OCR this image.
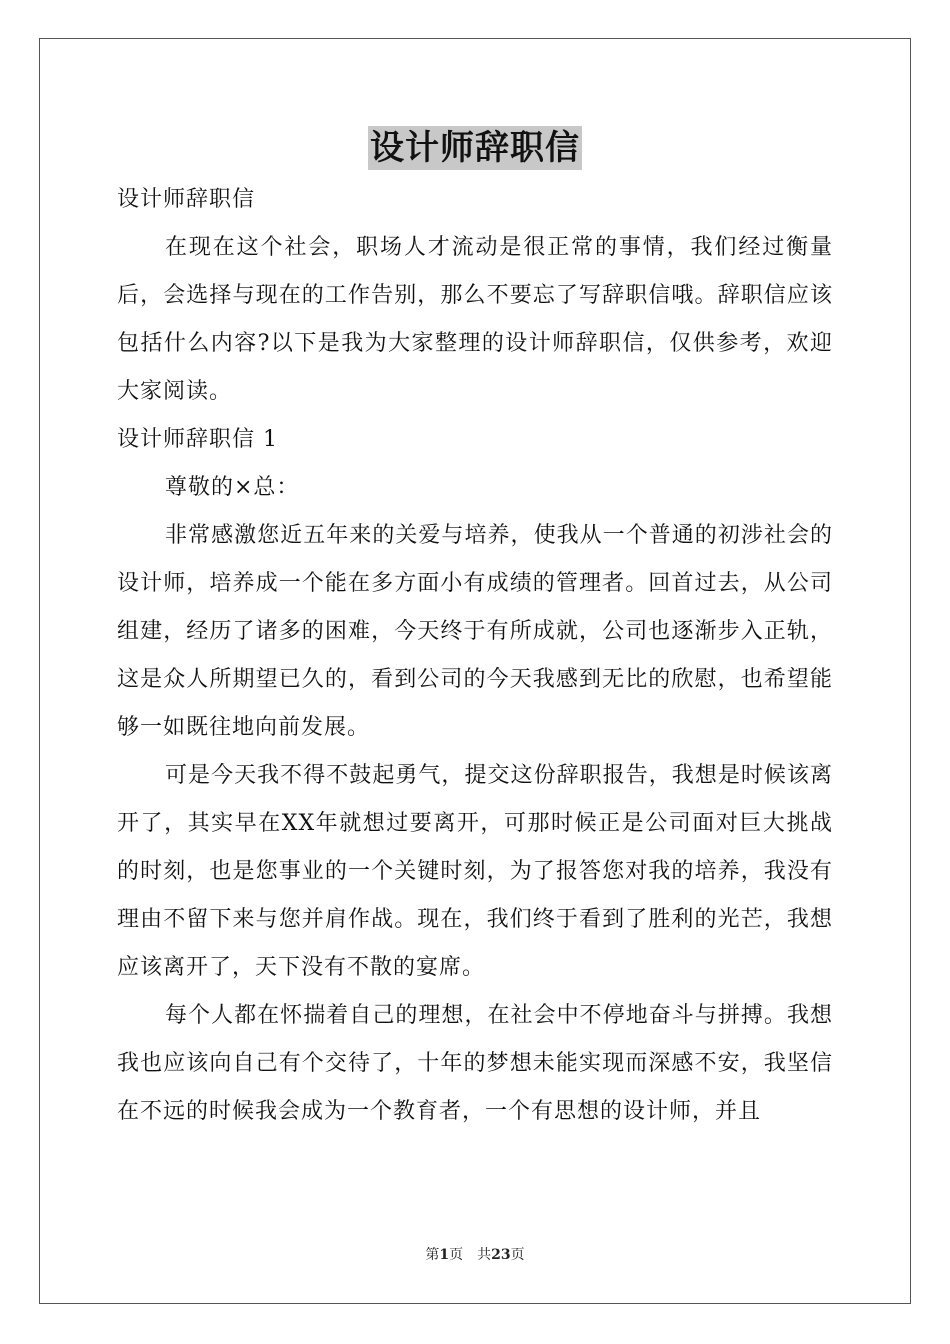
设计师辞职信

设计师辞职信

在现在这个社会，职场人才流动是很正常的事情，我们经过衡量后，会选择与现在的工作告别，那么不要忘了写辞职信哦。辞职信应该包括什么内容?以下是我为大家整理的设计师辞职信，仅供参考，欢迎大家阅读。

设计师辞职信 1

尊敬的×总：

非常感激您近五年来的关爱与培养，使我从一个普通的初涉社会的设计师，培养成一个能在多方面小有成绩的管理者。回首过去，从公司组建，经历了诸多的困难，今天终于有所成就，公司也逐渐步入正轨，这是众人所期望已久的，看到公司的今天我感到无比的欣慰，也希望能够一如既往地向前发展。

可是今天我不得不鼓起勇气，提交这份辞职报告，我想是时候该离开了，其实早在XX年就想过要离开，可那时候正是公司面对巨大挑战的时刻，也是您事业的一个关键时刻，为了报答您对我的培养，我没有理由不留下来与您并肩作战。现在，我们终于看到了胜利的光芒，我想应该离开了，天下没有不散的宴席。

每个人都在怀揣着自己的理想，在社会中不停地奋斗与拼搏。我想我也应该向自己有个交待了，十年的梦想未能实现而深感不安，我坚信在不远的时候我会成为一个教育者，一个有思想的设计师，并且

第1页 共23页
